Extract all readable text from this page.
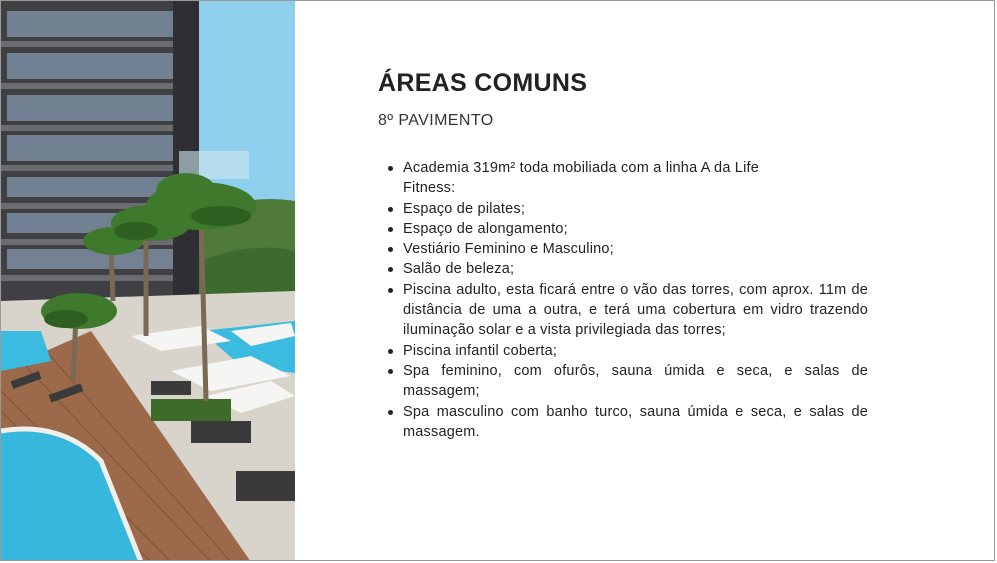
ÁREAS COMUNS
8º PAVIMENTO
Academia 319m² toda mobiliada com a linha A da Life Fitness:
Espaço de pilates;
Espaço de alongamento;
Vestiário Feminino e Masculino;
Salão de beleza;
Piscina adulto, esta ficará entre o vão das torres, com aprox. 11m de distância de uma a outra, e terá uma cobertura em vidro trazendo iluminação solar e a vista privilegiada das torres;
Piscina infantil coberta;
Spa feminino, com ofurôs, sauna úmida e seca, e salas de massagem;
Spa masculino com banho turco, sauna úmida e seca, e salas de massagem.
